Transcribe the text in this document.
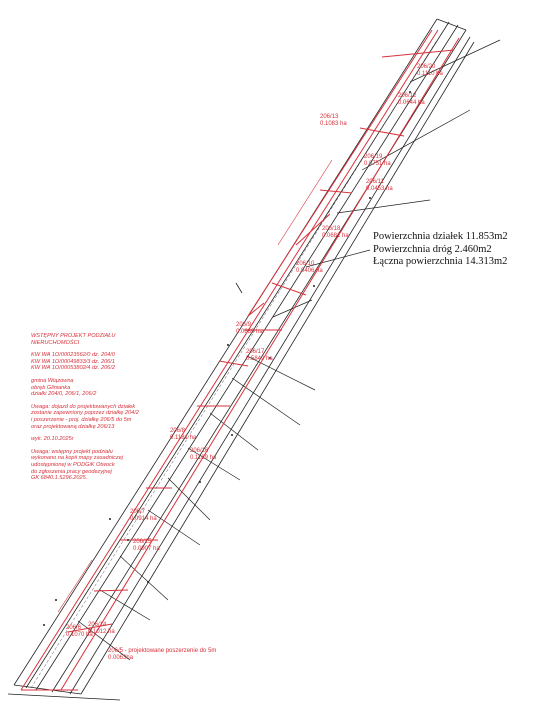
206/20
0.1110 ha
206/12
0.0644 ha
206/13
0.1083 ha
206/19
0.0751 ha
206/11
0.0453 ha
206/18
0.0681 ha
206/10
0.0406 ha
206/9
0.0689 ha
206/17
0.5849 ha
206/8
0.1181 ha
206/16
0.1169 ha
206/7
0.0914 ha
206/15
0.0907 ha
206/14
0.1012 ha
206/6
0.1070 ha
206/5 - projektowane poszerzenie do 5m
0.0063ha
WSTĘPNY PROJEKT PODZIAŁU
NIERUCHOMOŚCI
KW WA 1O/00023562/0 dz. 204/0
KW WA 1O/00049833/3 dz. 206/1
KW WA 1O/00053802/4 dz. 206/2
gmina Wiązowna
obręb Glinianka
działki 204/0, 206/1, 206/2
Uwaga: dojazd do projektowanych działek
zostanie zapewniony poprzez działkę 204/2
i poszerzenie - proj. działkę 206/5 do 5m
oraz projektowaną działkę 206/13
wyk. 20.10.2025r
Uwaga: wstępny projekt podziału
wykonano na kopii mapy zasadniczej
udostępnionej w PODGiK Otwock
do zgłoszenia pracy geodezyjnej
GK 6840.1.5296.2025.
Powierzchnia działek 11.853m2
Powierzchnia dróg 2.460m2
Łączna powierzchnia 14.313m2
